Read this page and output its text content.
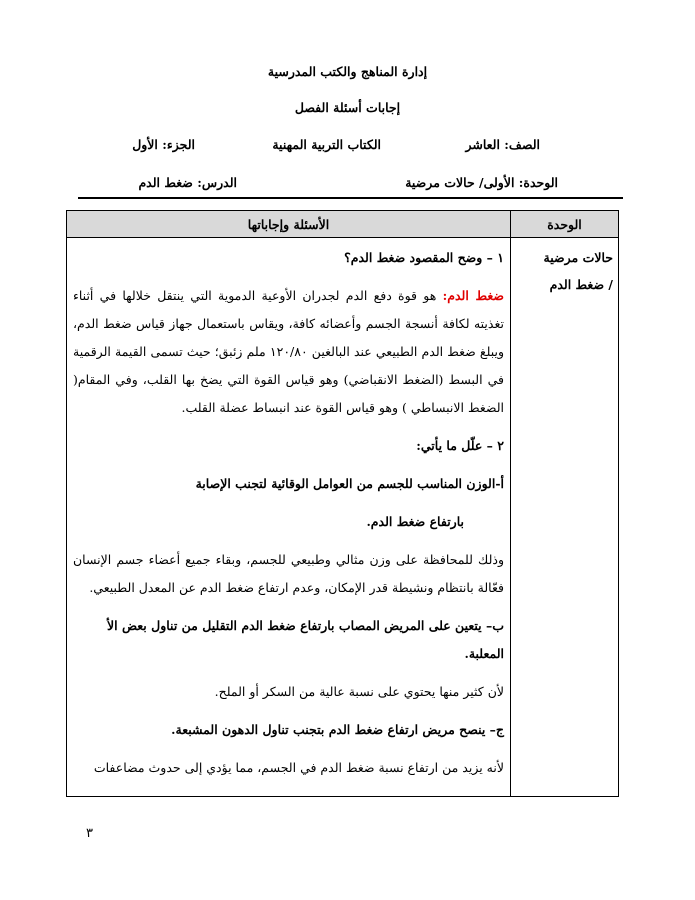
إدارة المناهج والكتب المدرسية
إجابات أسئلة الفصل
الصف: العاشر
الكتاب التربية المهنية
الجزء: الأول
الوحدة: الأولى/ حالات مرضية
الدرس: ضغط الدم
الوحدة
الأسئلة وإجاباتها
حالات مرضية
/ ضغط الدم

١ – وضح المقصود ضغط الدم؟

ضغط الدم: هو قوة دفع الدم لجدران الأوعية الدموية التي ينتقل خلالها في أثناء تغذيته لكافة أنسجة الجسم وأعضائه كافة، ويقاس باستعمال جهاز قياس ضغط الدم، ويبلغ ضغط الدم الطبيعي عند البالغين ١٢٠/٨٠ ملم زئبق؛ حيث تسمى القيمة الرقمية في البسط (الضغط الانقباضي) وهو قياس القوة التي يضخ بها القلب، وفي المقام( الضغط الانبساطي ) وهو قياس القوة عند انبساط عضلة القلب.

٢ – علّل ما يأتي:

أ-الوزن المناسب للجسم من العوامل الوقائية لتجنب الإصابة

بارتفاع ضغط الدم.

وذلك للمحافظة على وزن مثالي وطبيعي للجسم، وبقاء جميع أعضاء جسم الإنسان فعّالة بانتظام ونشيطة قدر الإمكان، وعدم ارتفاع ضغط الدم عن المعدل الطبيعي.

ب– يتعين على المريض المصاب بارتفاع ضغط الدم التقليل من تناول بعض الأ

المعلبة.

لأن كثير منها يحتوي على نسبة عالية من السكر أو الملح.

ج– ينصح مريض ارتفاع ضغط الدم بتجنب تناول الدهون المشبعة.

لأنه يزيد من ارتفاع نسبة ضغط الدم في الجسم، مما يؤدي إلى حدوث مضاعفات

٣
